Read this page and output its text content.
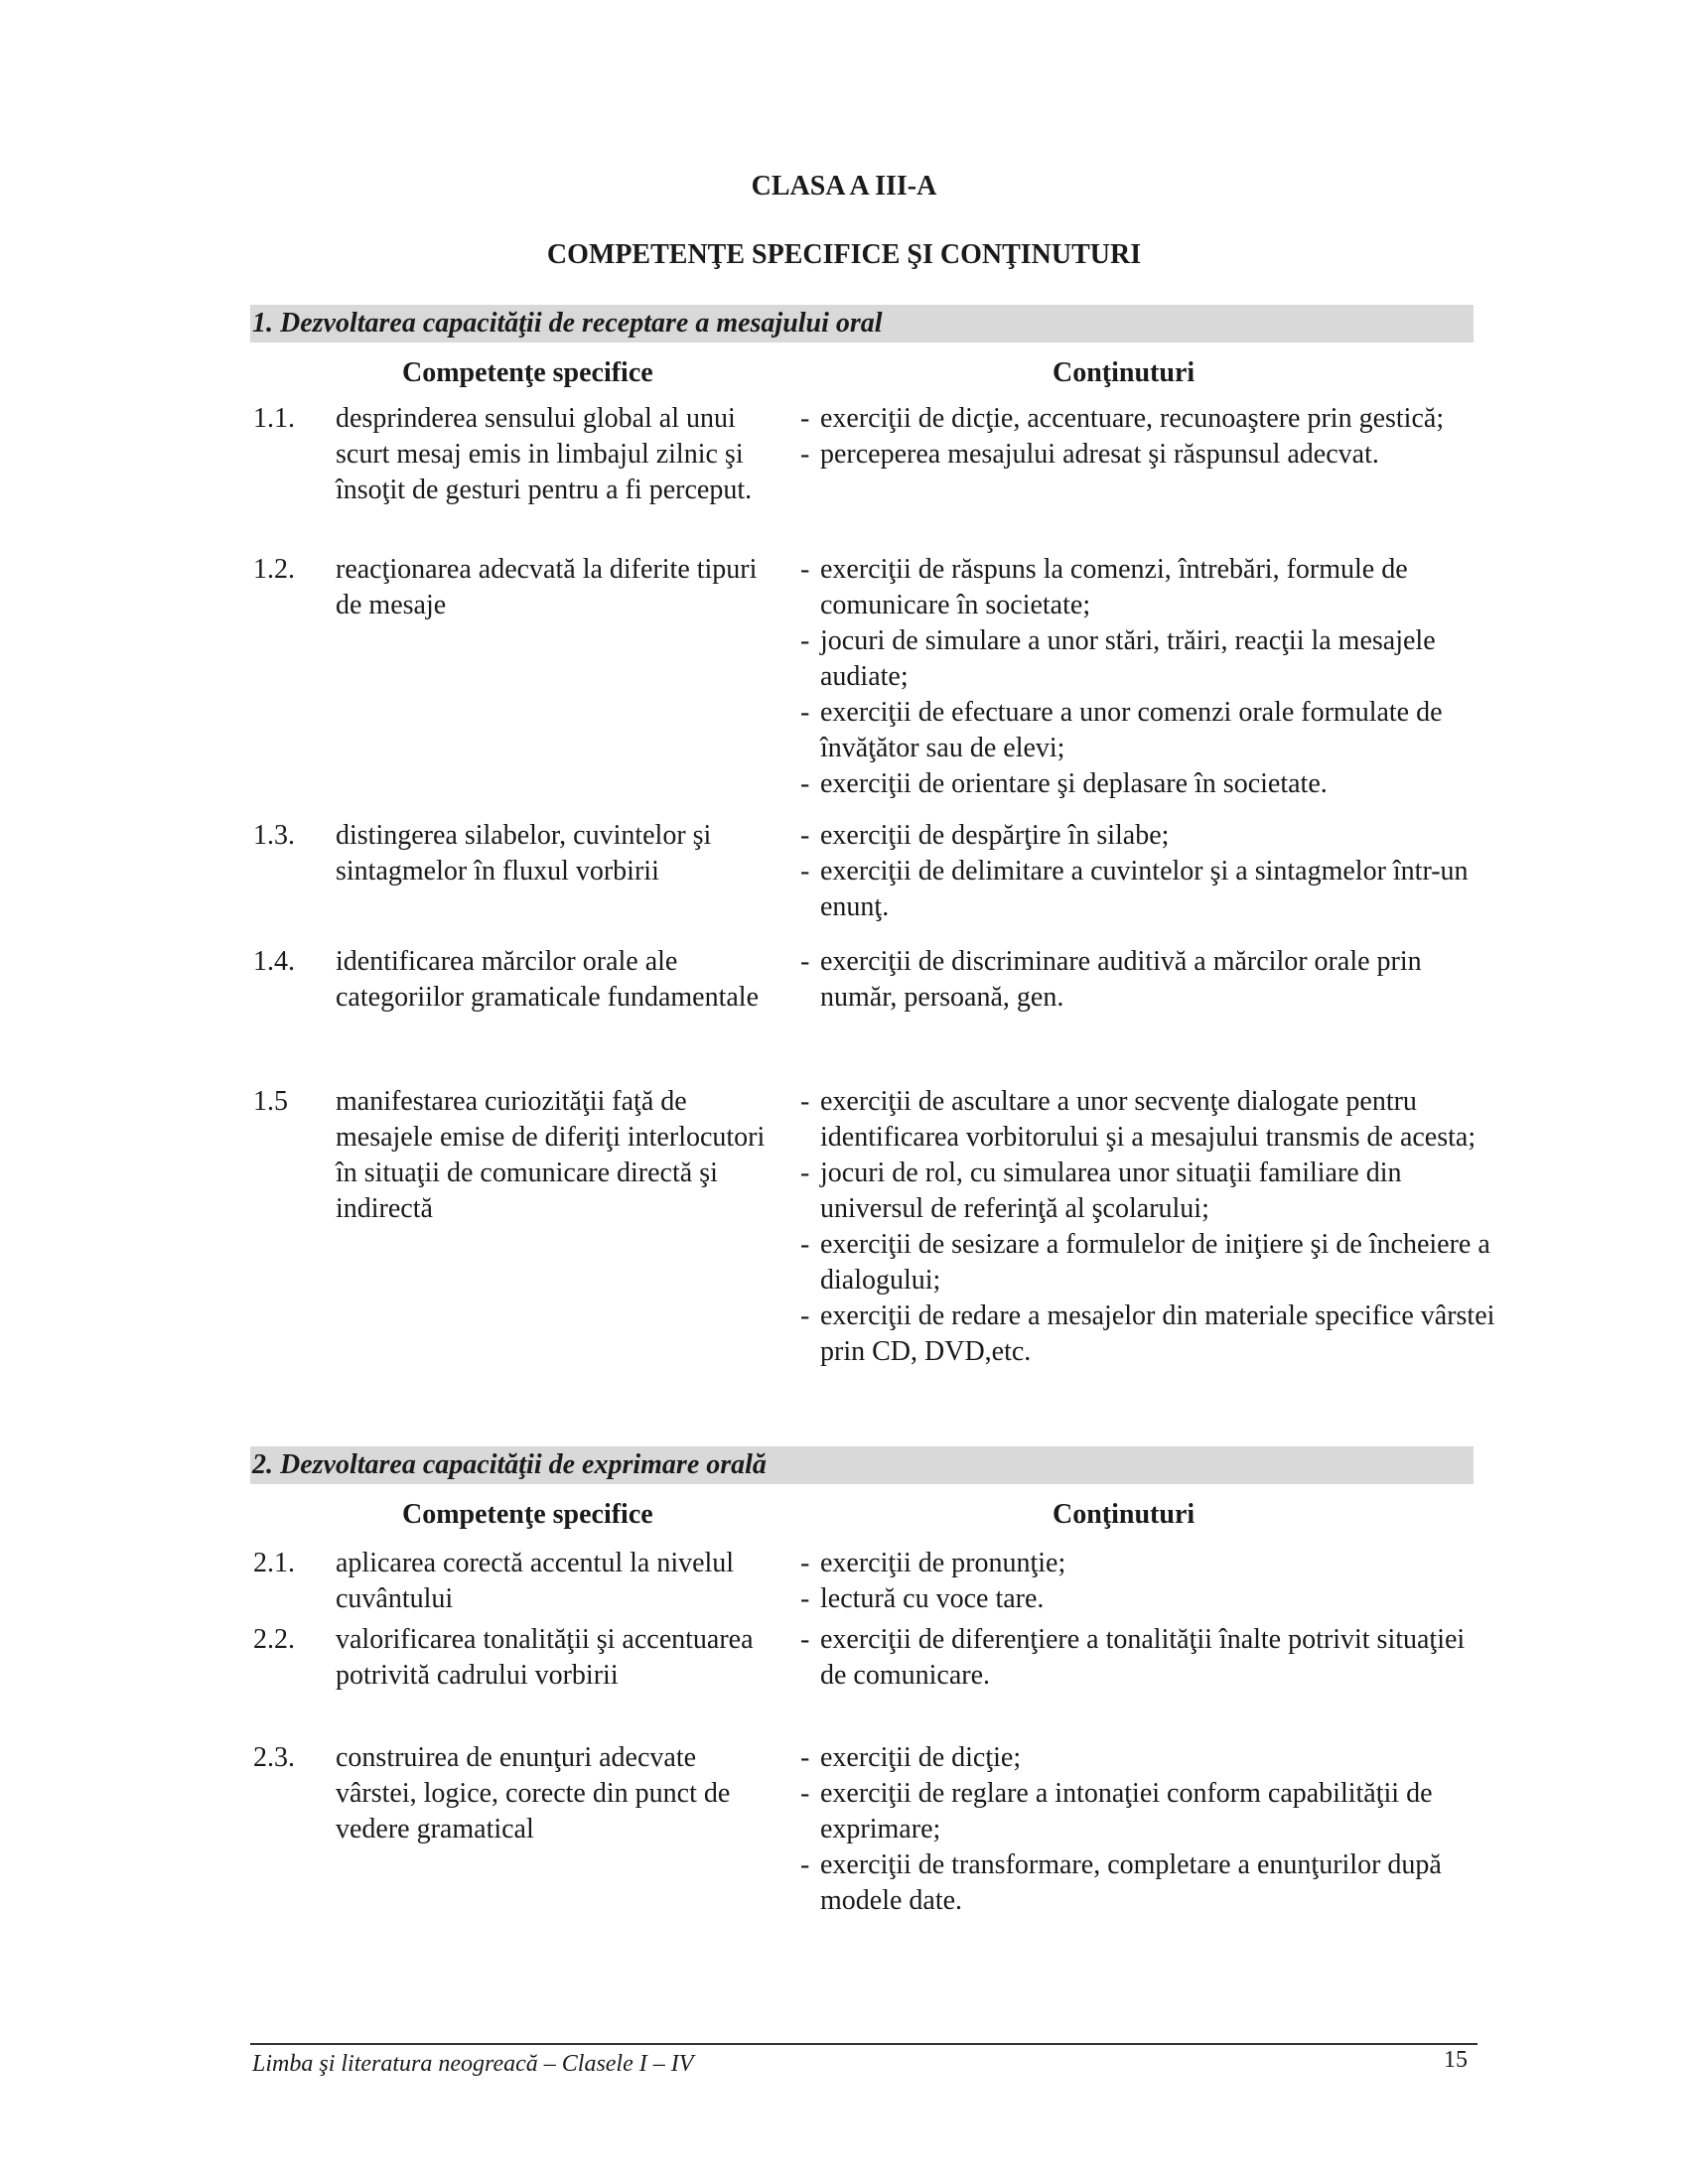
CLASA A III-A
COMPETENŢE SPECIFICE ŞI CONŢINUTURI
1. Dezvoltarea capacităţii de receptare a mesajului oral
Competenţe specifice	Conţinuturi
1.1. desprinderea sensului global al unui scurt mesaj emis in limbajul zilnic şi însoţit de gesturi pentru a fi perceput.
- exerciţii de dicţie, accentuare, recunoaştere prin gestică;
- perceperea mesajului adresat şi răspunsul adecvat.
1.2. reacţionarea adecvată la diferite tipuri de mesaje
- exerciţii de răspuns la comenzi, întrebări, formule de comunicare în societate;
- jocuri de simulare a unor stări, trăiri, reacţii la mesajele audiate;
- exerciţii de efectuare a unor comenzi orale formulate de învăţător sau de elevi;
- exerciţii de orientare şi deplasare în societate.
1.3. distingerea silabelor, cuvintelor şi sintagmelor în fluxul vorbirii
- exerciţii de despărţire în silabe;
- exerciţii de delimitare a cuvintelor şi a sintagmelor într-un enunţ.
1.4. identificarea mărcilor orale ale categoriilor gramaticale fundamentale
- exerciţii de discriminare auditivă a mărcilor orale prin număr, persoană, gen.
1.5 manifestarea curiozităţii faţă de mesajele emise de diferiţi interlocutori în situaţii de comunicare directă şi indirectă
- exerciţii de ascultare a unor secvenţe dialogate pentru identificarea vorbitorului şi a mesajului transmis de acesta;
- jocuri de rol, cu simularea unor situaţii familiare din universul de referinţă al şcolarului;
- exerciţii de sesizare a formulelor de iniţiere şi de încheiere a dialogului;
- exerciţii de redare a mesajelor din materiale specifice vârstei prin CD, DVD,etc.
2. Dezvoltarea capacităţii de exprimare orală
Competenţe specifice	Conţinuturi
2.1. aplicarea corectă accentul la nivelul cuvântului
- exerciţii de pronunţie;
- lectură cu voce tare.
2.2. valorificarea tonalităţii şi accentuarea potrivită cadrului vorbirii
- exerciţii de diferenţiere a tonalităţii înalte potrivit situaţiei de comunicare.
2.3. construirea de enunţuri adecvate vârstei, logice, corecte din punct de vedere gramatical
- exerciţii de dicţie;
- exerciţii de reglare a intonaţiei conform capabilităţii de exprimare;
- exerciţii de transformare, completare a enunţurilor după modele date.
Limba şi literatura neogreacă – Clasele I – IV	15
